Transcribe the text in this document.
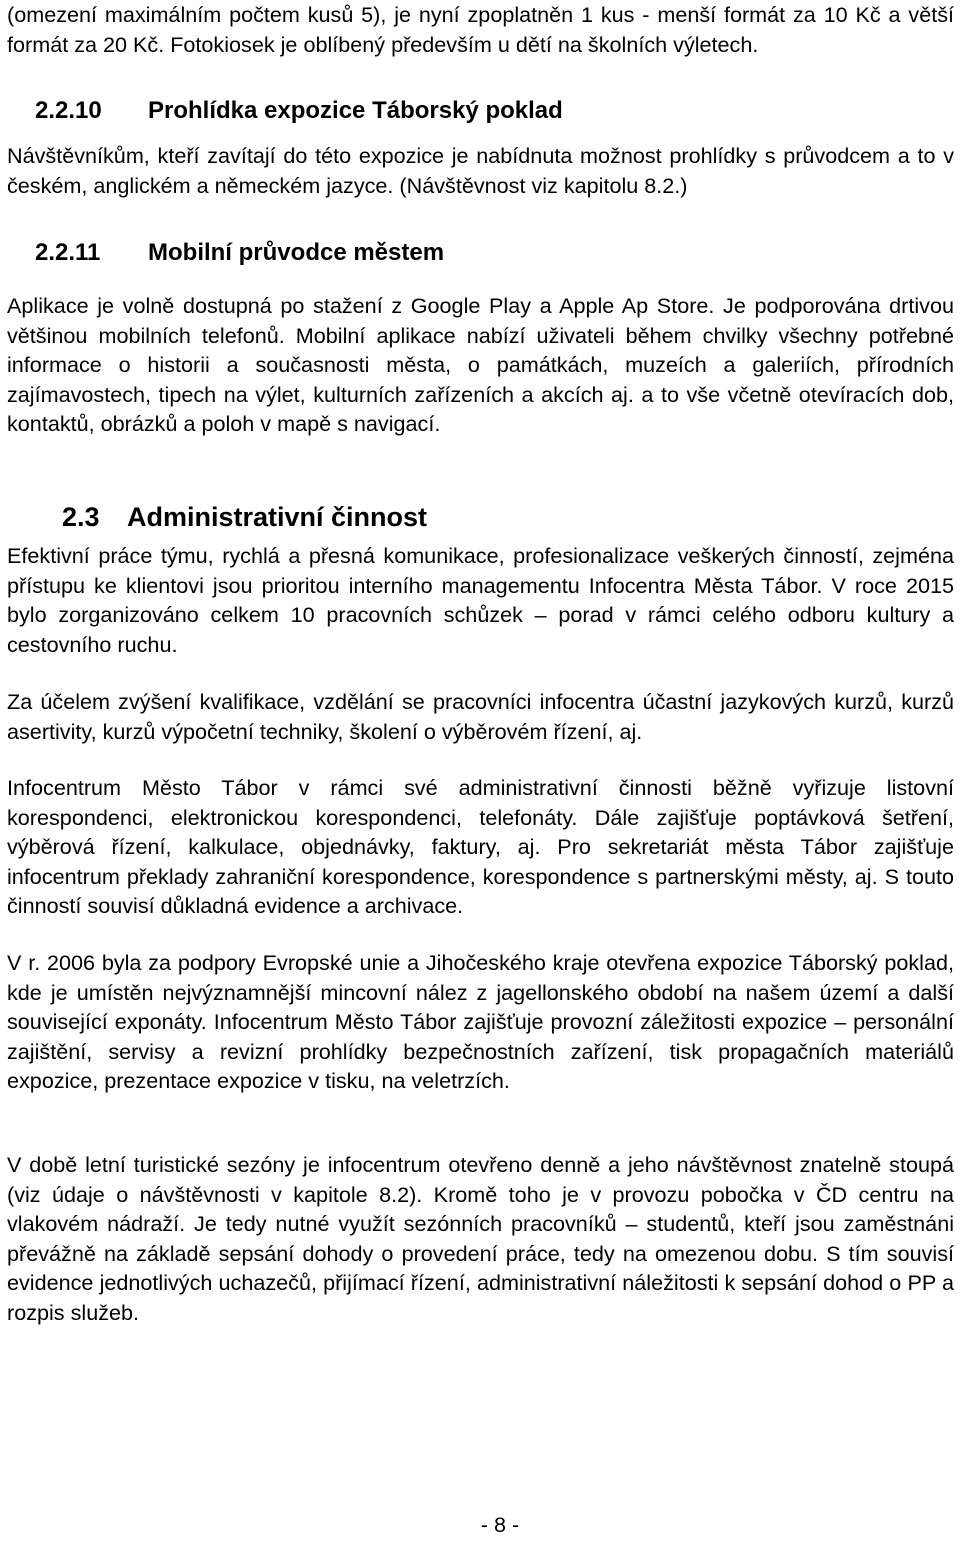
(omezení maximálním počtem kusů 5), je nyní zpoplatněn 1 kus - menší formát za 10 Kč a větší formát za 20 Kč. Fotokiosek je oblíbený především u dětí na školních výletech.

2.2.10	Prohlídka expozice Táborský poklad

Návštěvníkům, kteří zavítají do této expozice je nabídnuta možnost prohlídky s průvodcem a to v českém, anglickém a německém jazyce. (Návštěvnost viz kapitolu 8.2.)

2.2.11	Mobilní průvodce městem

Aplikace je volně dostupná po stažení z Google Play a Apple Ap Store. Je podporována drtivou většinou mobilních telefonů. Mobilní aplikace nabízí uživateli během chvilky všechny potřebné informace o historii a současnosti města, o památkách, muzeích a galeriích, přírodních zajímavostech, tipech na výlet, kulturních zařízeních a akcích aj. a to vše včetně otevíracích dob, kontaktů, obrázků a poloh v mapě s navigací.

2.3	Administrativní činnost

Efektivní práce týmu, rychlá a přesná komunikace, profesionalizace veškerých činností, zejména přístupu ke klientovi jsou prioritou interního managementu Infocentra Města Tábor. V roce 2015 bylo zorganizováno celkem 10 pracovních schůzek – porad v rámci celého odboru kultury a cestovního ruchu.

Za účelem zvýšení kvalifikace, vzdělání se pracovníci infocentra účastní jazykových kurzů, kurzů asertivity, kurzů výpočetní techniky, školení o výběrovém řízení, aj.

Infocentrum Město Tábor v rámci své administrativní činnosti běžně vyřizuje listovní korespondenci, elektronickou korespondenci, telefonáty. Dále zajišťuje poptávková šetření, výběrová řízení, kalkulace, objednávky, faktury, aj. Pro sekretariát města Tábor zajišťuje infocentrum překlady zahraniční korespondence, korespondence s partnerskými městy, aj. S touto činností souvisí důkladná evidence a archivace.

V r. 2006 byla za podpory Evropské unie a Jihočeského kraje otevřena expozice Táborský poklad, kde je umístěn nejvýznamnější mincovní nález z jagellonského období na našem území a další související exponáty. Infocentrum Město Tábor zajišťuje provozní záležitosti expozice – personální zajištění, servisy a revizní prohlídky bezpečnostních zařízení, tisk propagačních materiálů expozice, prezentace expozice v tisku, na veletrzích.

V době letní turistické sezóny je infocentrum otevřeno denně a jeho návštěvnost znatelně stoupá (viz údaje o návštěvnosti v kapitole 8.2). Kromě toho je v provozu pobočka v ČD centru na vlakovém nádraží. Je tedy nutné využít sezónních pracovníků – studentů, kteří jsou zaměstnáni převážně na základě sepsání dohody o provedení práce, tedy na omezenou dobu. S tím souvisí evidence jednotlivých uchazečů, přijímací řízení, administrativní náležitosti k sepsání dohod o PP a rozpis služeb.

- 8 -
